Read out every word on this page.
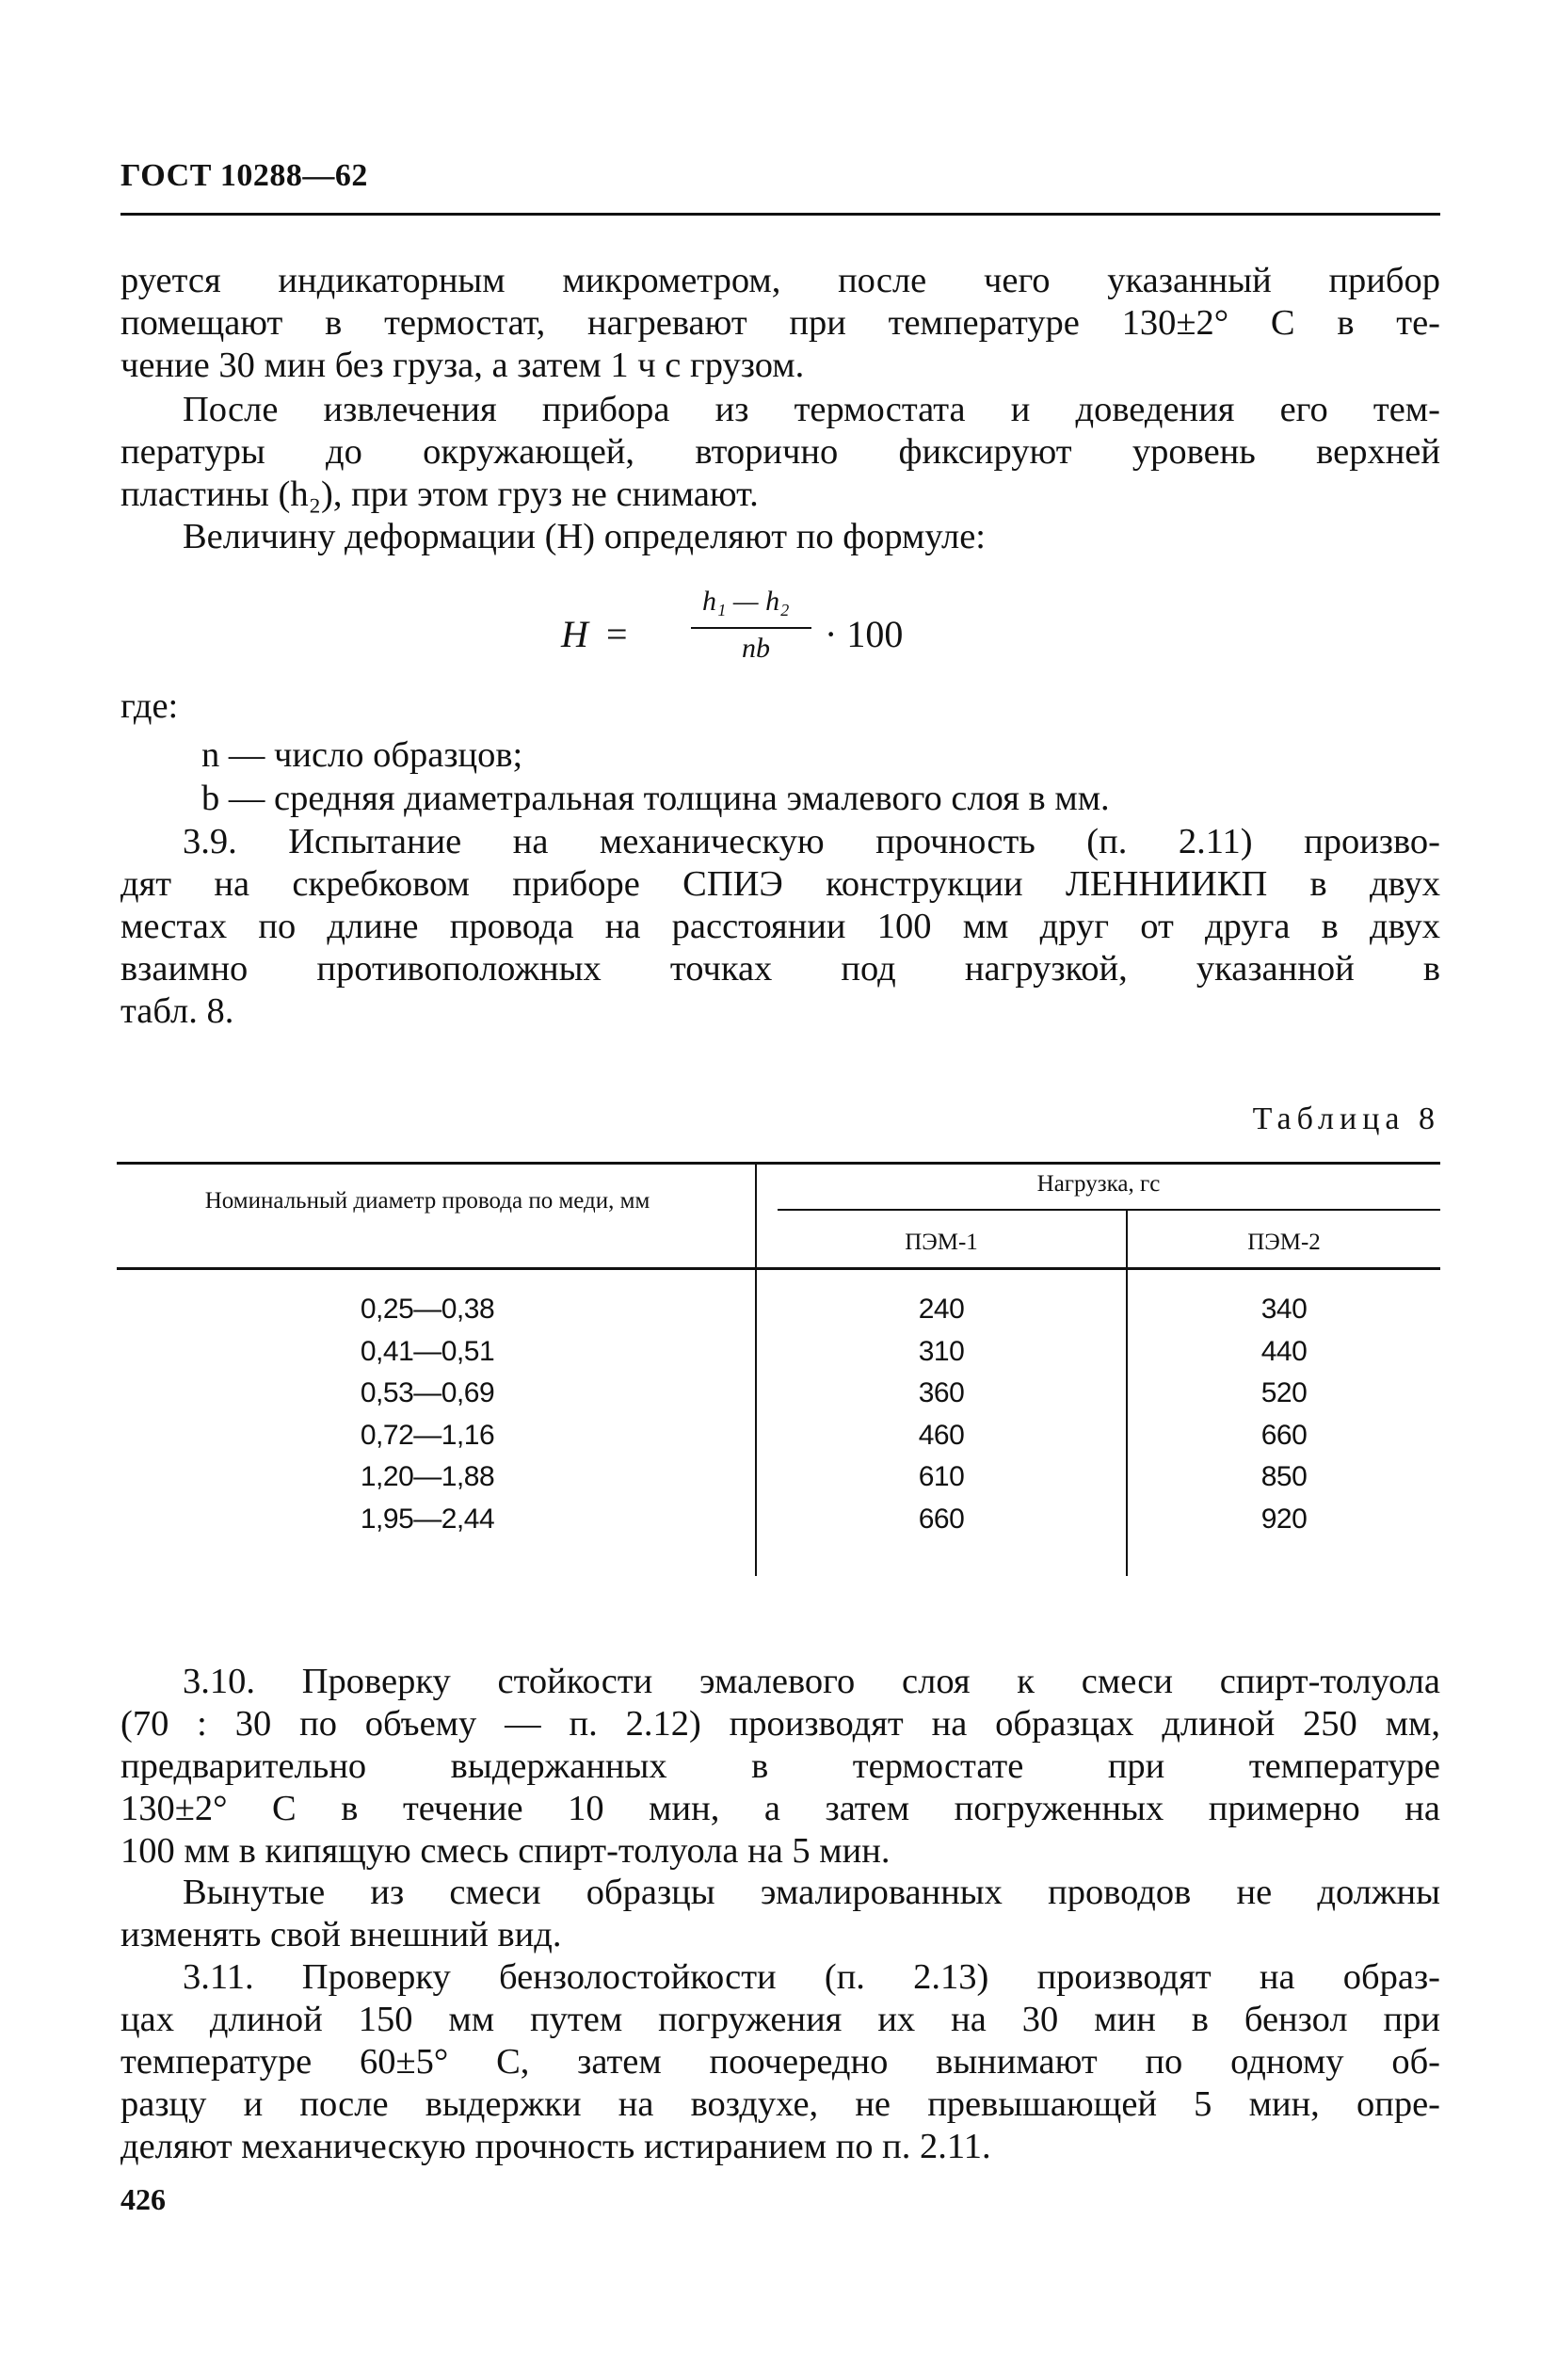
ГОСТ 10288—62
руется индикаторным микрометром, после чего указанный прибор
помещают в термостат, нагревают при температуре 130±2° С в те-
чение 30 мин без груза, а затем 1 ч с грузом.
После извлечения прибора из термостата и доведения его тем-
пературы до окружающей, вторично фиксируют уровень верхней
пластины (h₂), при этом груз не снимают.
Величину деформации (H) определяют по формуле:
H =
h₁ — h₂
nb · 100
где:
n — число образцов;
b — средняя диаметральная толщина эмалевого слоя в мм.
3.9. Испытание на механическую прочность (п. 2.11) произво-
дят на скребковом приборе СПИЭ конструкции ЛЕННИИКП в двух
местах по длине провода на расстоянии 100 мм друг от друга в двух
взаимно противоположных точках под нагрузкой, указанной в
табл. 8.
Таблица 8
Номинальный диаметр провода по меди, мм
Нагрузка, гс
ПЭМ-1	ПЭМ-2
0,25—0,38	240	340
0,41—0,51	310	440
0,53—0,69	360	520
0,72—1,16	460	660
1,20—1,88	610	850
1,95—2,44	660	920
3.10. Проверку стойкости эмалевого слоя к смеси спирт-толуола
(70 : 30 по объему — п. 2.12) производят на образцах длиной 250 мм,
предварительно выдержанных в термостате при температуре
130±2° С в течение 10 мин, а затем погруженных примерно на
100 мм в кипящую смесь спирт-толуола на 5 мин.
Вынутые из смеси образцы эмалированных проводов не должны
изменять свой внешний вид.
3.11. Проверку бензолостойкости (п. 2.13) производят на образ-
цах длиной 150 мм путем погружения их на 30 мин в бензол при
температуре 60±5° С, затем поочередно вынимают по одному об-
разцу и после выдержки на воздухе, не превышающей 5 мин, опре-
деляют механическую прочность истиранием по п. 2.11.
426
